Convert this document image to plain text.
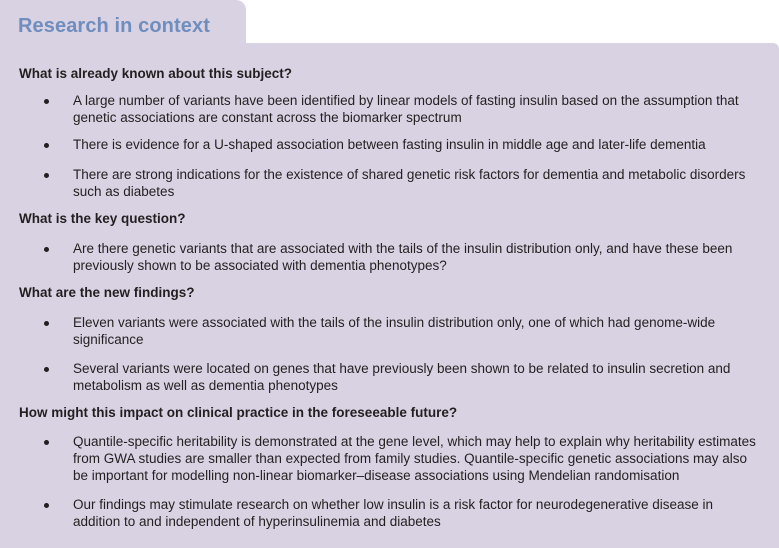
Research in context
What is already known about this subject?
A large number of variants have been identified by linear models of fasting insulin based on the assumption that genetic associations are constant across the biomarker spectrum
There is evidence for a U-shaped association between fasting insulin in middle age and later-life dementia
There are strong indications for the existence of shared genetic risk factors for dementia and metabolic disorders such as diabetes
What is the key question?
Are there genetic variants that are associated with the tails of the insulin distribution only, and have these been previously shown to be associated with dementia phenotypes?
What are the new findings?
Eleven variants were associated with the tails of the insulin distribution only, one of which had genome-wide significance
Several variants were located on genes that have previously been shown to be related to insulin secretion and metabolism as well as dementia phenotypes
How might this impact on clinical practice in the foreseeable future?
Quantile-specific heritability is demonstrated at the gene level, which may help to explain why heritability estimates from GWA studies are smaller than expected from family studies. Quantile-specific genetic associations may also be important for modelling non-linear biomarker–disease associations using Mendelian randomisation
Our findings may stimulate research on whether low insulin is a risk factor for neurodegenerative disease in addition to and independent of hyperinsulinemia and diabetes
